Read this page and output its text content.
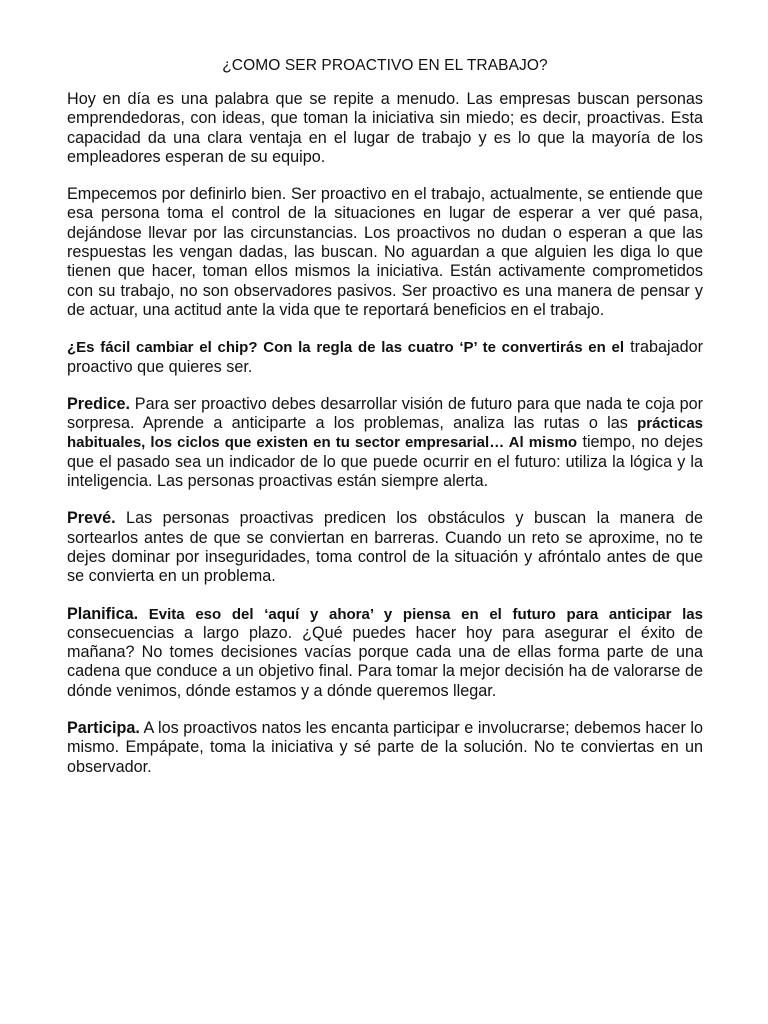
¿COMO SER PROACTIVO EN EL TRABAJO?

Hoy en día es una palabra que se repite a menudo. Las empresas buscan personas emprendedoras, con ideas, que toman la iniciativa sin miedo; es decir, proactivas. Esta capacidad da una clara ventaja en el lugar de trabajo y es lo que la mayoría de los empleadores esperan de su equipo.

Empecemos por definirlo bien. Ser proactivo en el trabajo, actualmente, se entiende que esa persona toma el control de la situaciones en lugar de esperar a ver qué pasa, dejándose llevar por las circunstancias. Los proactivos no dudan o esperan a que las respuestas les vengan dadas, las buscan. No aguardan a que alguien les diga lo que tienen que hacer, toman ellos mismos la iniciativa. Están activamente comprometidos con su trabajo, no son observadores pasivos. Ser proactivo es una manera de pensar y de actuar, una actitud ante la vida que te reportará beneficios en el trabajo.

¿Es fácil cambiar el chip? Con la regla de las cuatro ‘P’ te convertirás en el trabajador proactivo que quieres ser.

Predice. Para ser proactivo debes desarrollar visión de futuro para que nada te coja por sorpresa. Aprende a anticiparte a los problemas, analiza las rutas o las prácticas habituales, los ciclos que existen en tu sector empresarial… Al mismo tiempo, no dejes que el pasado sea un indicador de lo que puede ocurrir en el futuro: utiliza la lógica y la inteligencia. Las personas proactivas están siempre alerta.

Prevé. Las personas proactivas predicen los obstáculos y buscan la manera de sortearlos antes de que se conviertan en barreras. Cuando un reto se aproxime, no te dejes dominar por inseguridades, toma control de la situación y afróntalo antes de que se convierta en un problema.

Planifica. Evita eso del ‘aquí y ahora’ y piensa en el futuro para anticipar las consecuencias a largo plazo. ¿Qué puedes hacer hoy para asegurar el éxito de mañana? No tomes decisiones vacías porque cada una de ellas forma parte de una cadena que conduce a un objetivo final. Para tomar la mejor decisión ha de valorarse de dónde venimos, dónde estamos y a dónde queremos llegar.

Participa. A los proactivos natos les encanta participar e involucrarse; debemos hacer lo mismo. Empápate, toma la iniciativa y sé parte de la solución. No te conviertas en un observador.
